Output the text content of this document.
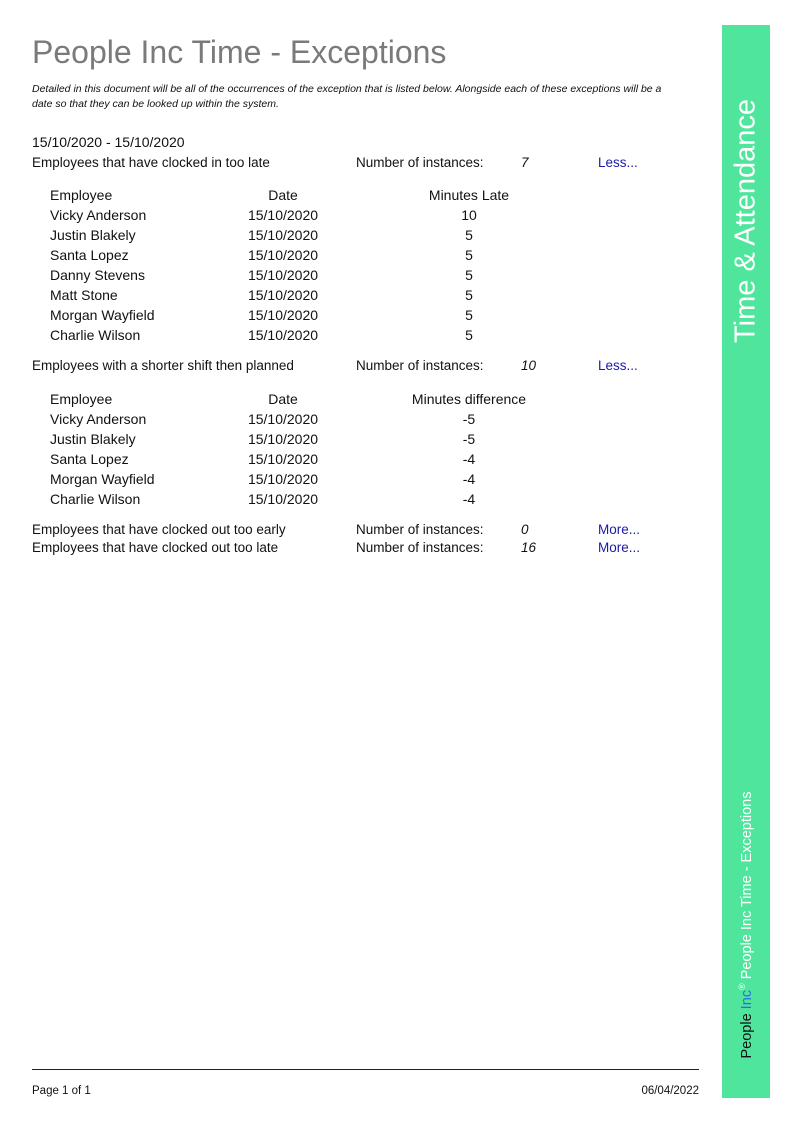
People Inc Time - Exceptions
Detailed in this document will be all of the occurrences of the exception that is listed below. Alongside each of these exceptions will be a date so that they can be looked up within the system.
15/10/2020 - 15/10/2020
Employees that have clocked in too late	Number of instances:	7	Less...
Employee	Date	Minutes Late
Vicky Anderson	15/10/2020	10
Justin Blakely	15/10/2020	5
Santa Lopez	15/10/2020	5
Danny Stevens	15/10/2020	5
Matt Stone	15/10/2020	5
Morgan Wayfield	15/10/2020	5
Charlie Wilson	15/10/2020	5
Employees with a shorter shift then planned	Number of instances:	10	Less...
Employee	Date	Minutes difference
Vicky Anderson	15/10/2020	-5
Justin Blakely	15/10/2020	-5
Santa Lopez	15/10/2020	-4
Morgan Wayfield	15/10/2020	-4
Charlie Wilson	15/10/2020	-4
Employees that have clocked out too early	Number of instances:	0	More...
Employees that have clocked out too late	Number of instances:	16	More...
Page 1 of 1	06/04/2022
Time & Attendance
People Inc® People Inc Time - Exceptions
